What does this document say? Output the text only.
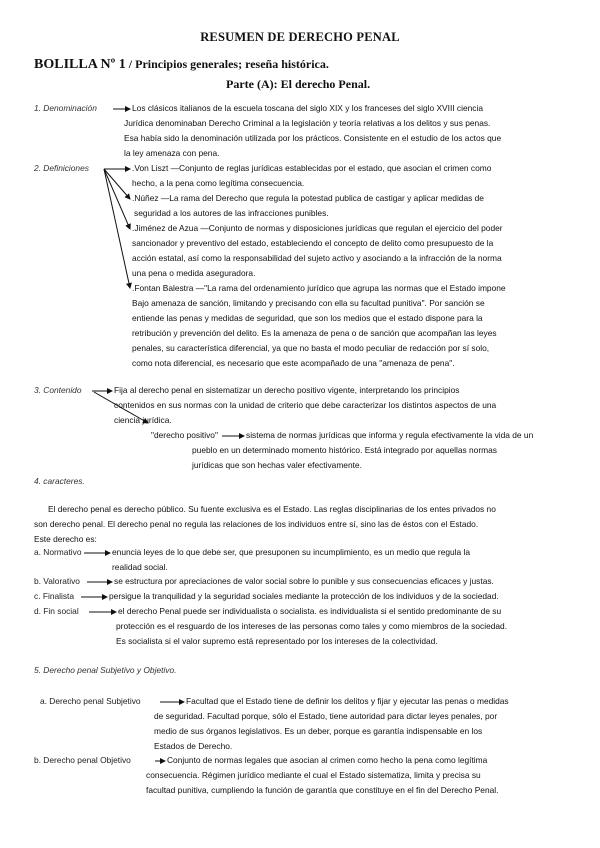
RESUMEN DE DERECHO PENAL
BOLILLA Nº 1 / Principios generales; reseña histórica.
Parte (A): El derecho Penal.
1. Denominación	Los clásicos italianos de la escuela toscana del siglo XIX y los franceses del siglo XVIII ciencia
Jurídica denominaban Derecho Criminal a la legislación y teoría relativas a los delitos y sus penas.
Esa había sido la denominación utilizada por los prácticos. Consistente en el estudio de los actos que
la ley amenaza con pena.
2. Definiciones	.Von Liszt —Conjunto de reglas jurídicas establecidas por el estado, que asocian el crimen como
hecho, a la pena como legítima consecuencia.
.Núñez —La rama del Derecho que regula la potestad publica de castigar y aplicar medidas de
seguridad a los autores de las infracciones punibles.
.Jiménez de Azua —Conjunto de normas y disposiciones jurídicas que regulan el ejercicio del poder
sancionador y preventivo del estado, estableciendo el concepto de delito como presupuesto de la
acción estatal, así como la responsabilidad del sujeto activo y asociando a la infracción de la norma
una pena o medida aseguradora.
.Fontan Balestra —"La rama del ordenamiento jurídico que agrupa las normas que el Estado impone
Bajo amenaza de sanción, limitando y precisando con ella su facultad punitiva". Por sanción se
entiende las penas y medidas de seguridad, que son los medios que el estado dispone para la
retribución y prevención del delito. Es la amenaza de pena o de sanción que acompañan las leyes
penales, su característica diferencial, ya que no basta el modo peculiar de redacción por sí solo,
como nota diferencial, es necesario que este acompañado de una "amenaza de pena".
3. Contenido	Fija al derecho penal en sistematizar un derecho positivo vigente, interpretando los principios
contenidos en sus normas con la unidad de criterio que debe caracterizar los distintos aspectos de una
ciencia jurídica.
"derecho positivo"	sistema de normas jurídicas que informa y regula efectivamente la vida de un
pueblo en un determinado momento histórico. Está integrado por aquellas normas
jurídicas que son hechas valer efectivamente.
4. caracteres.
El derecho penal es derecho público. Su fuente exclusiva es el Estado. Las reglas disciplinarias de los entes privados no
son derecho penal. El derecho penal no regula las relaciones de los individuos entre sí, sino las de éstos con el Estado.
Este derecho es:
a. Normativo	enuncia leyes de lo que debe ser, que presuponen su incumplimiento, es un medio que regula la
realidad social.
b. Valorativo	se estructura por apreciaciones de valor social sobre lo punible y sus consecuencias eficaces y justas.
c. Finalista	persigue la tranquilidad y la seguridad sociales mediante la protección de los individuos y de la sociedad.
d. Fin social	el derecho Penal puede ser individualista o socialista. es individualista si el sentido predominante de su
protección es el resguardo de los intereses de las personas como tales y como miembros de la sociedad.
Es socialista si el valor supremo está representado por los intereses de la colectividad.
5. Derecho penal Subjetivo y Objetivo.
a. Derecho penal Subjetivo	Facultad que el Estado tiene de definir los delitos y fijar y ejecutar las penas o medidas
de seguridad. Facultad porque, sólo el Estado, tiene autoridad para dictar leyes penales, por
medio de sus órganos legislativos. Es un deber, porque es garantía indispensable en los
Estados de Derecho.
b. Derecho penal Objetivo	Conjunto de normas legales que asocian al crimen como hecho la pena como legítima
consecuencia. Régimen jurídico mediante el cual el Estado sistematiza, limita y precisa su
facultad punitiva, cumpliendo la función de garantía que constituye en el fin del Derecho Penal.
